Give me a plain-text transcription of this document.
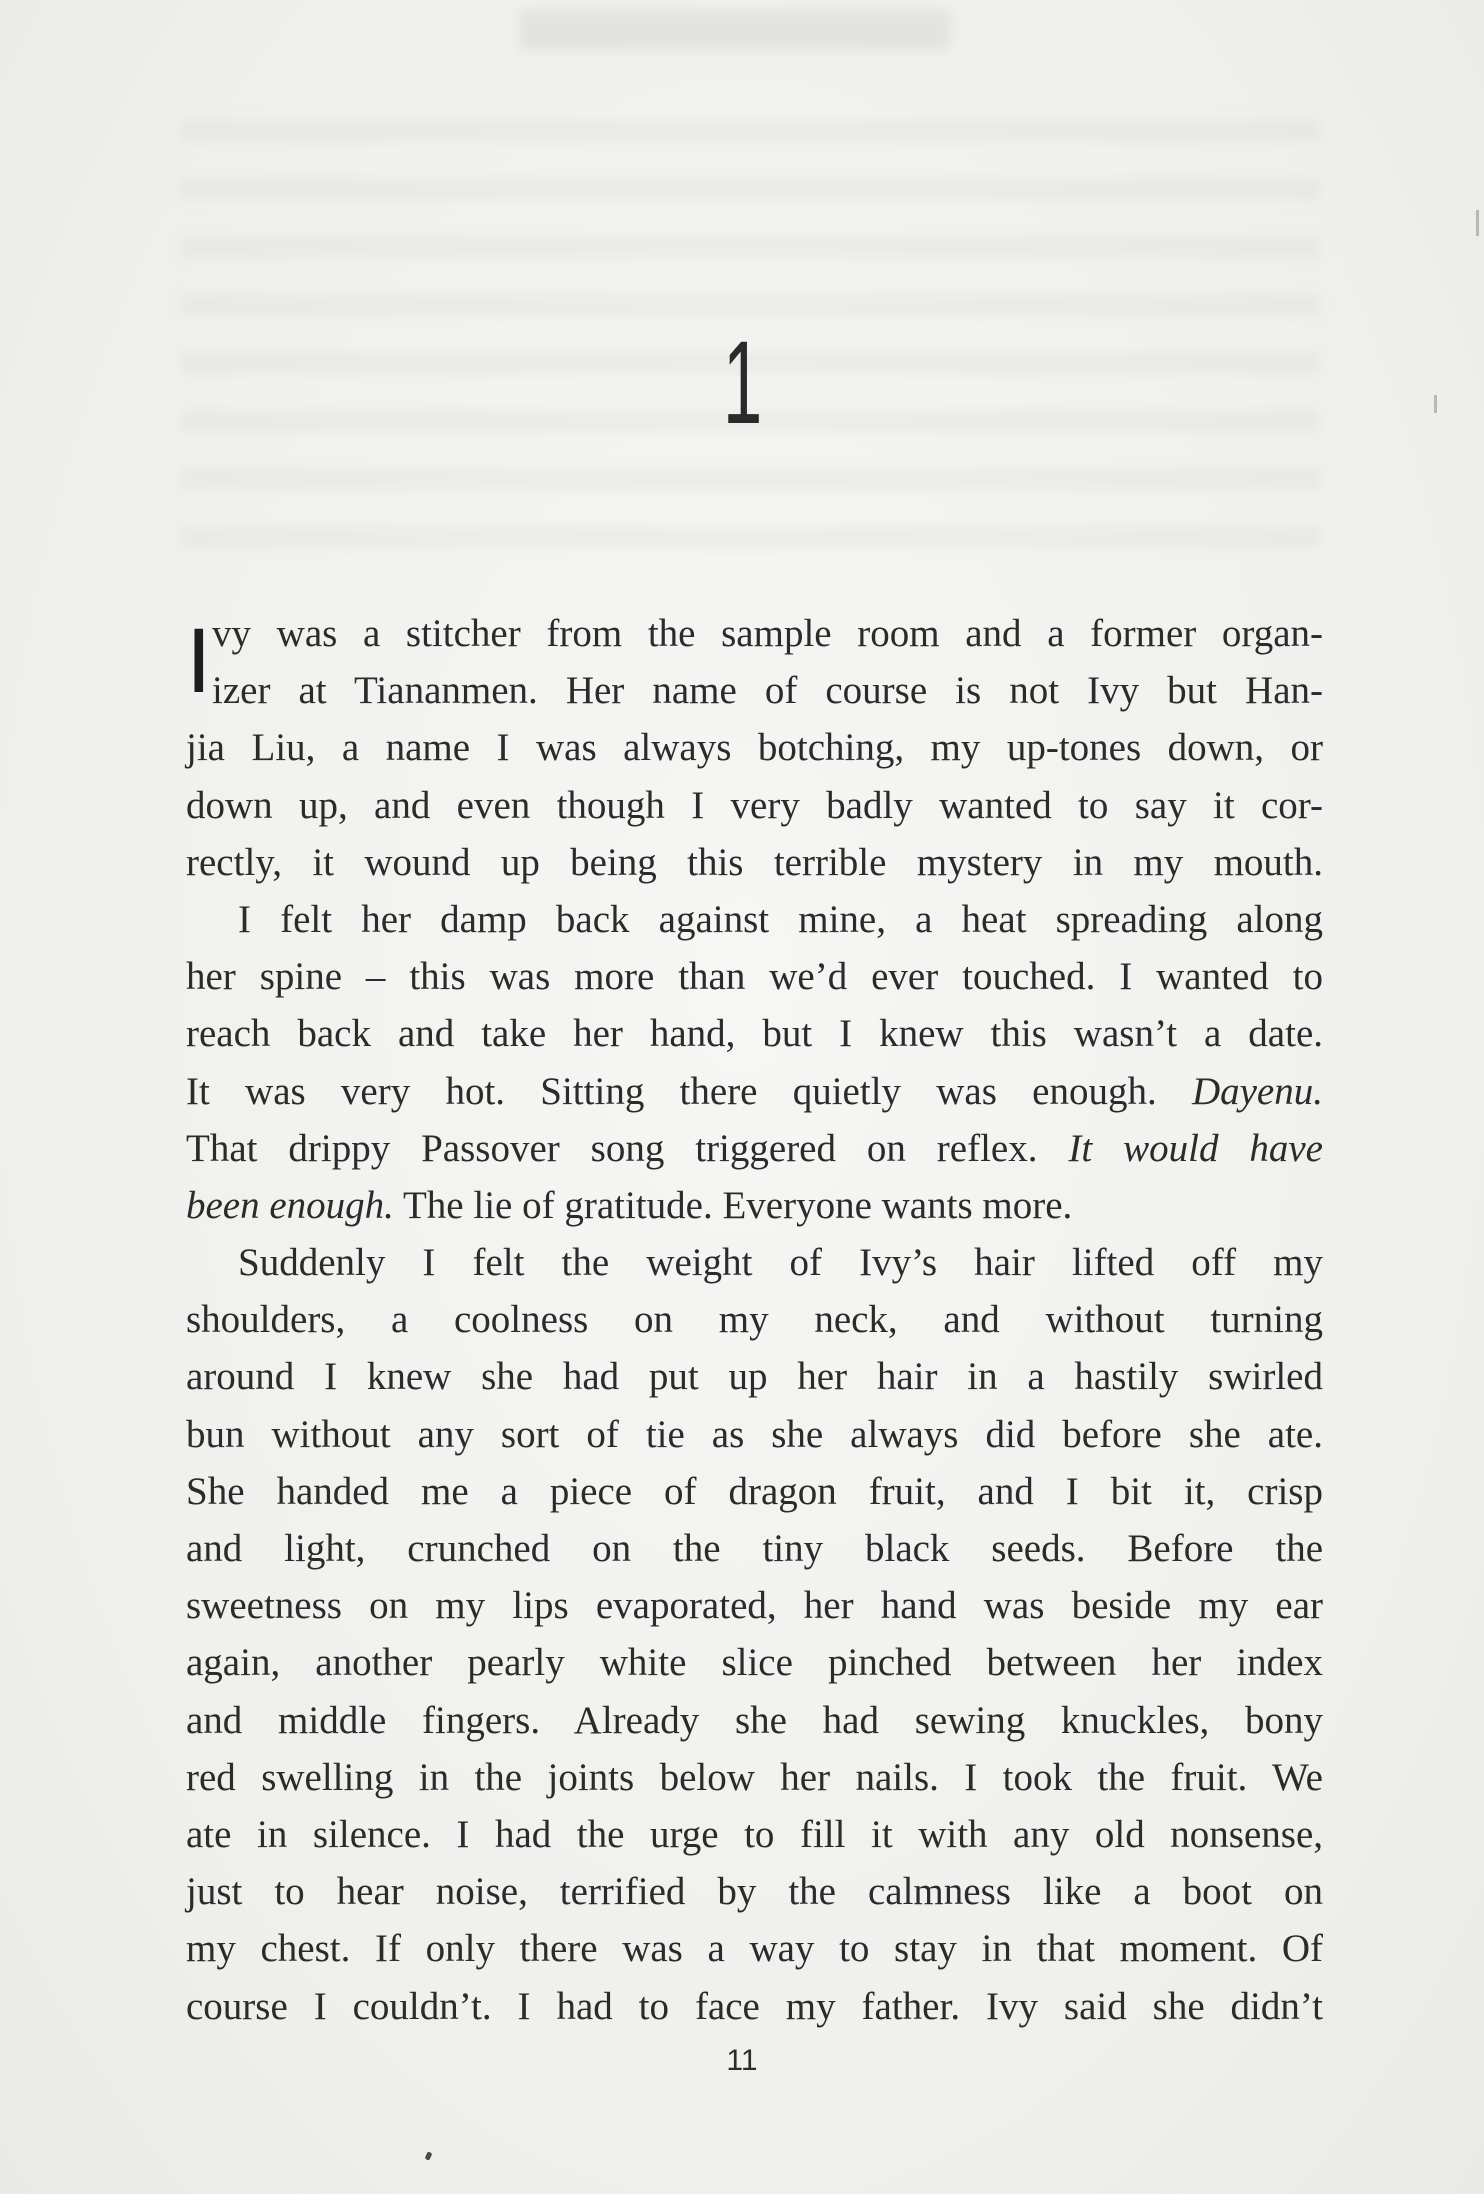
1
I vy was a stitcher from the sample room and a former organ-
izer at Tiananmen. Her name of course is not Ivy but Han-
jia Liu, a name I was always botching, my up-tones down, or
down up, and even though I very badly wanted to say it cor-
rectly, it wound up being this terrible mystery in my mouth.
I felt her damp back against mine, a heat spreading along
her spine – this was more than we’d ever touched. I wanted to
reach back and take her hand, but I knew this wasn’t a date.
It was very hot. Sitting there quietly was enough. Dayenu.
That drippy Passover song triggered on reflex. It would have
been enough. The lie of gratitude. Everyone wants more.
Suddenly I felt the weight of Ivy’s hair lifted off my
shoulders, a coolness on my neck, and without turning
around I knew she had put up her hair in a hastily swirled
bun without any sort of tie as she always did before she ate.
She handed me a piece of dragon fruit, and I bit it, crisp
and light, crunched on the tiny black seeds. Before the
sweetness on my lips evaporated, her hand was beside my ear
again, another pearly white slice pinched between her index
and middle fingers. Already she had sewing knuckles, bony
red swelling in the joints below her nails. I took the fruit. We
ate in silence. I had the urge to fill it with any old nonsense,
just to hear noise, terrified by the calmness like a boot on
my chest. If only there was a way to stay in that moment. Of
course I couldn’t. I had to face my father. Ivy said she didn’t
11
